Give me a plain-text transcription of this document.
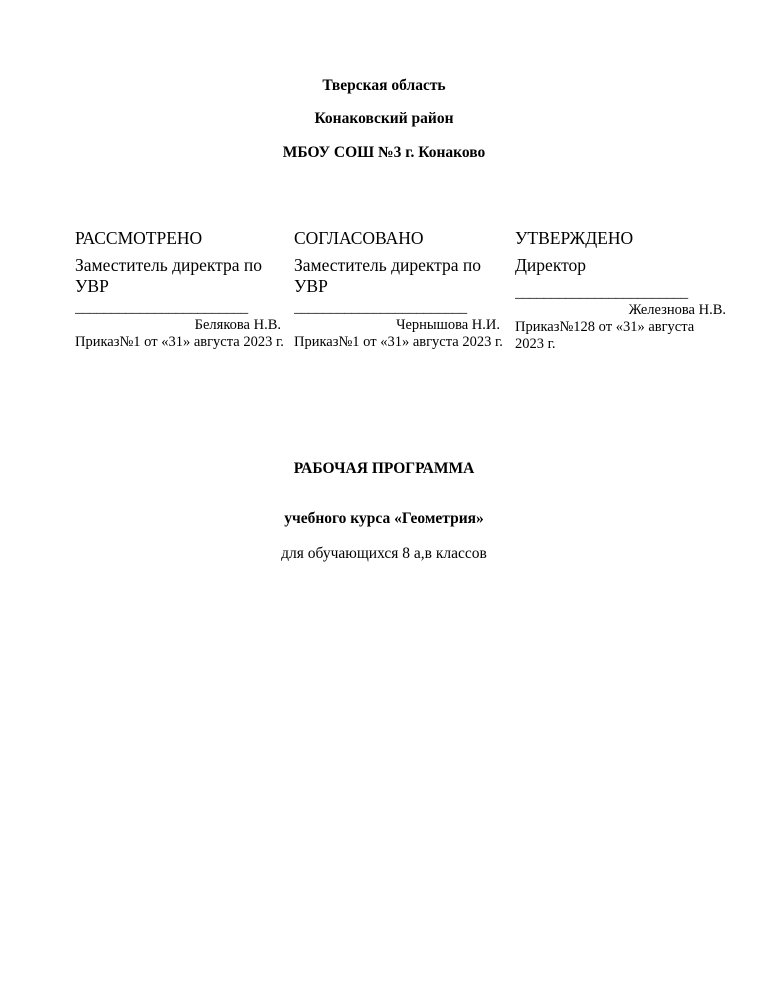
Тверская область
Конаковский район
МБОУ СОШ №3 г. Конаково
РАССМОТРЕНО
Заместитель директра по УВР
________________________
Белякова Н.В.
Приказ№1 от «31» августа 2023 г.
СОГЛАСОВАНО
Заместитель директра по УВР
________________________
Чернышова Н.И.
Приказ№1 от «31» августа 2023 г.
УТВЕРЖДЕНО
Директор
________________________
Железнова Н.В.
Приказ№128 от «31» августа 2023 г.
РАБОЧАЯ ПРОГРАММА
учебного курса «Геометрия»
для обучающихся 8 а,в классов
